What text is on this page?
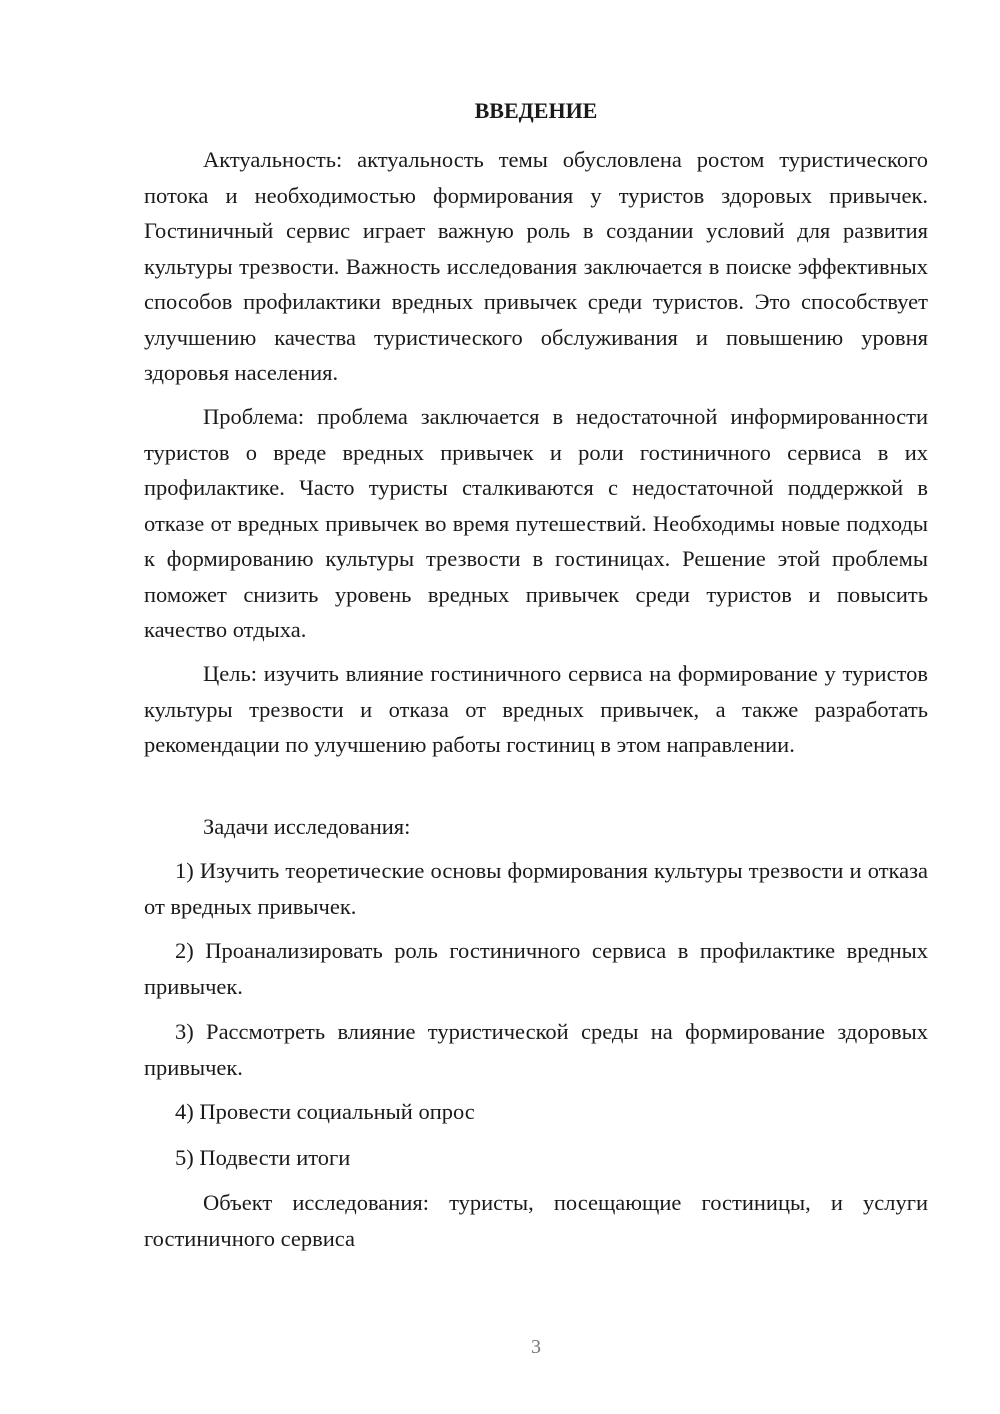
ВВЕДЕНИЕ

Актуальность: актуальность темы обусловлена ростом туристического потока и необходимостью формирования у туристов здоровых привычек. Гостиничный сервис играет важную роль в создании условий для развития культуры трезвости. Важность исследования заключается в поиске эффективных способов профилактики вредных привычек среди туристов. Это способствует улучшению качества туристического обслуживания и повышению уровня здоровья населения.

Проблема: проблема заключается в недостаточной информированности туристов о вреде вредных привычек и роли гостиничного сервиса в их профилактике. Часто туристы сталкиваются с недостаточной поддержкой в отказе от вредных привычек во время путешествий. Необходимы новые подходы к формированию культуры трезвости в гостиницах. Решение этой проблемы поможет снизить уровень вредных привычек среди туристов и повысить качество отдыха.

Цель: изучить влияние гостиничного сервиса на формирование у туристов культуры трезвости и отказа от вредных привычек, а также разработать рекомендации по улучшению работы гостиниц в этом направлении.

Задачи исследования:

1) Изучить теоретические основы формирования культуры трезвости и отказа от вредных привычек.

2) Проанализировать роль гостиничного сервиса в профилактике вредных привычек.

3) Рассмотреть влияние туристической среды на формирование здоровых привычек.

4) Провести социальный опрос

5) Подвести итоги

Объект исследования: туристы, посещающие гостиницы, и услуги гостиничного сервиса

3
